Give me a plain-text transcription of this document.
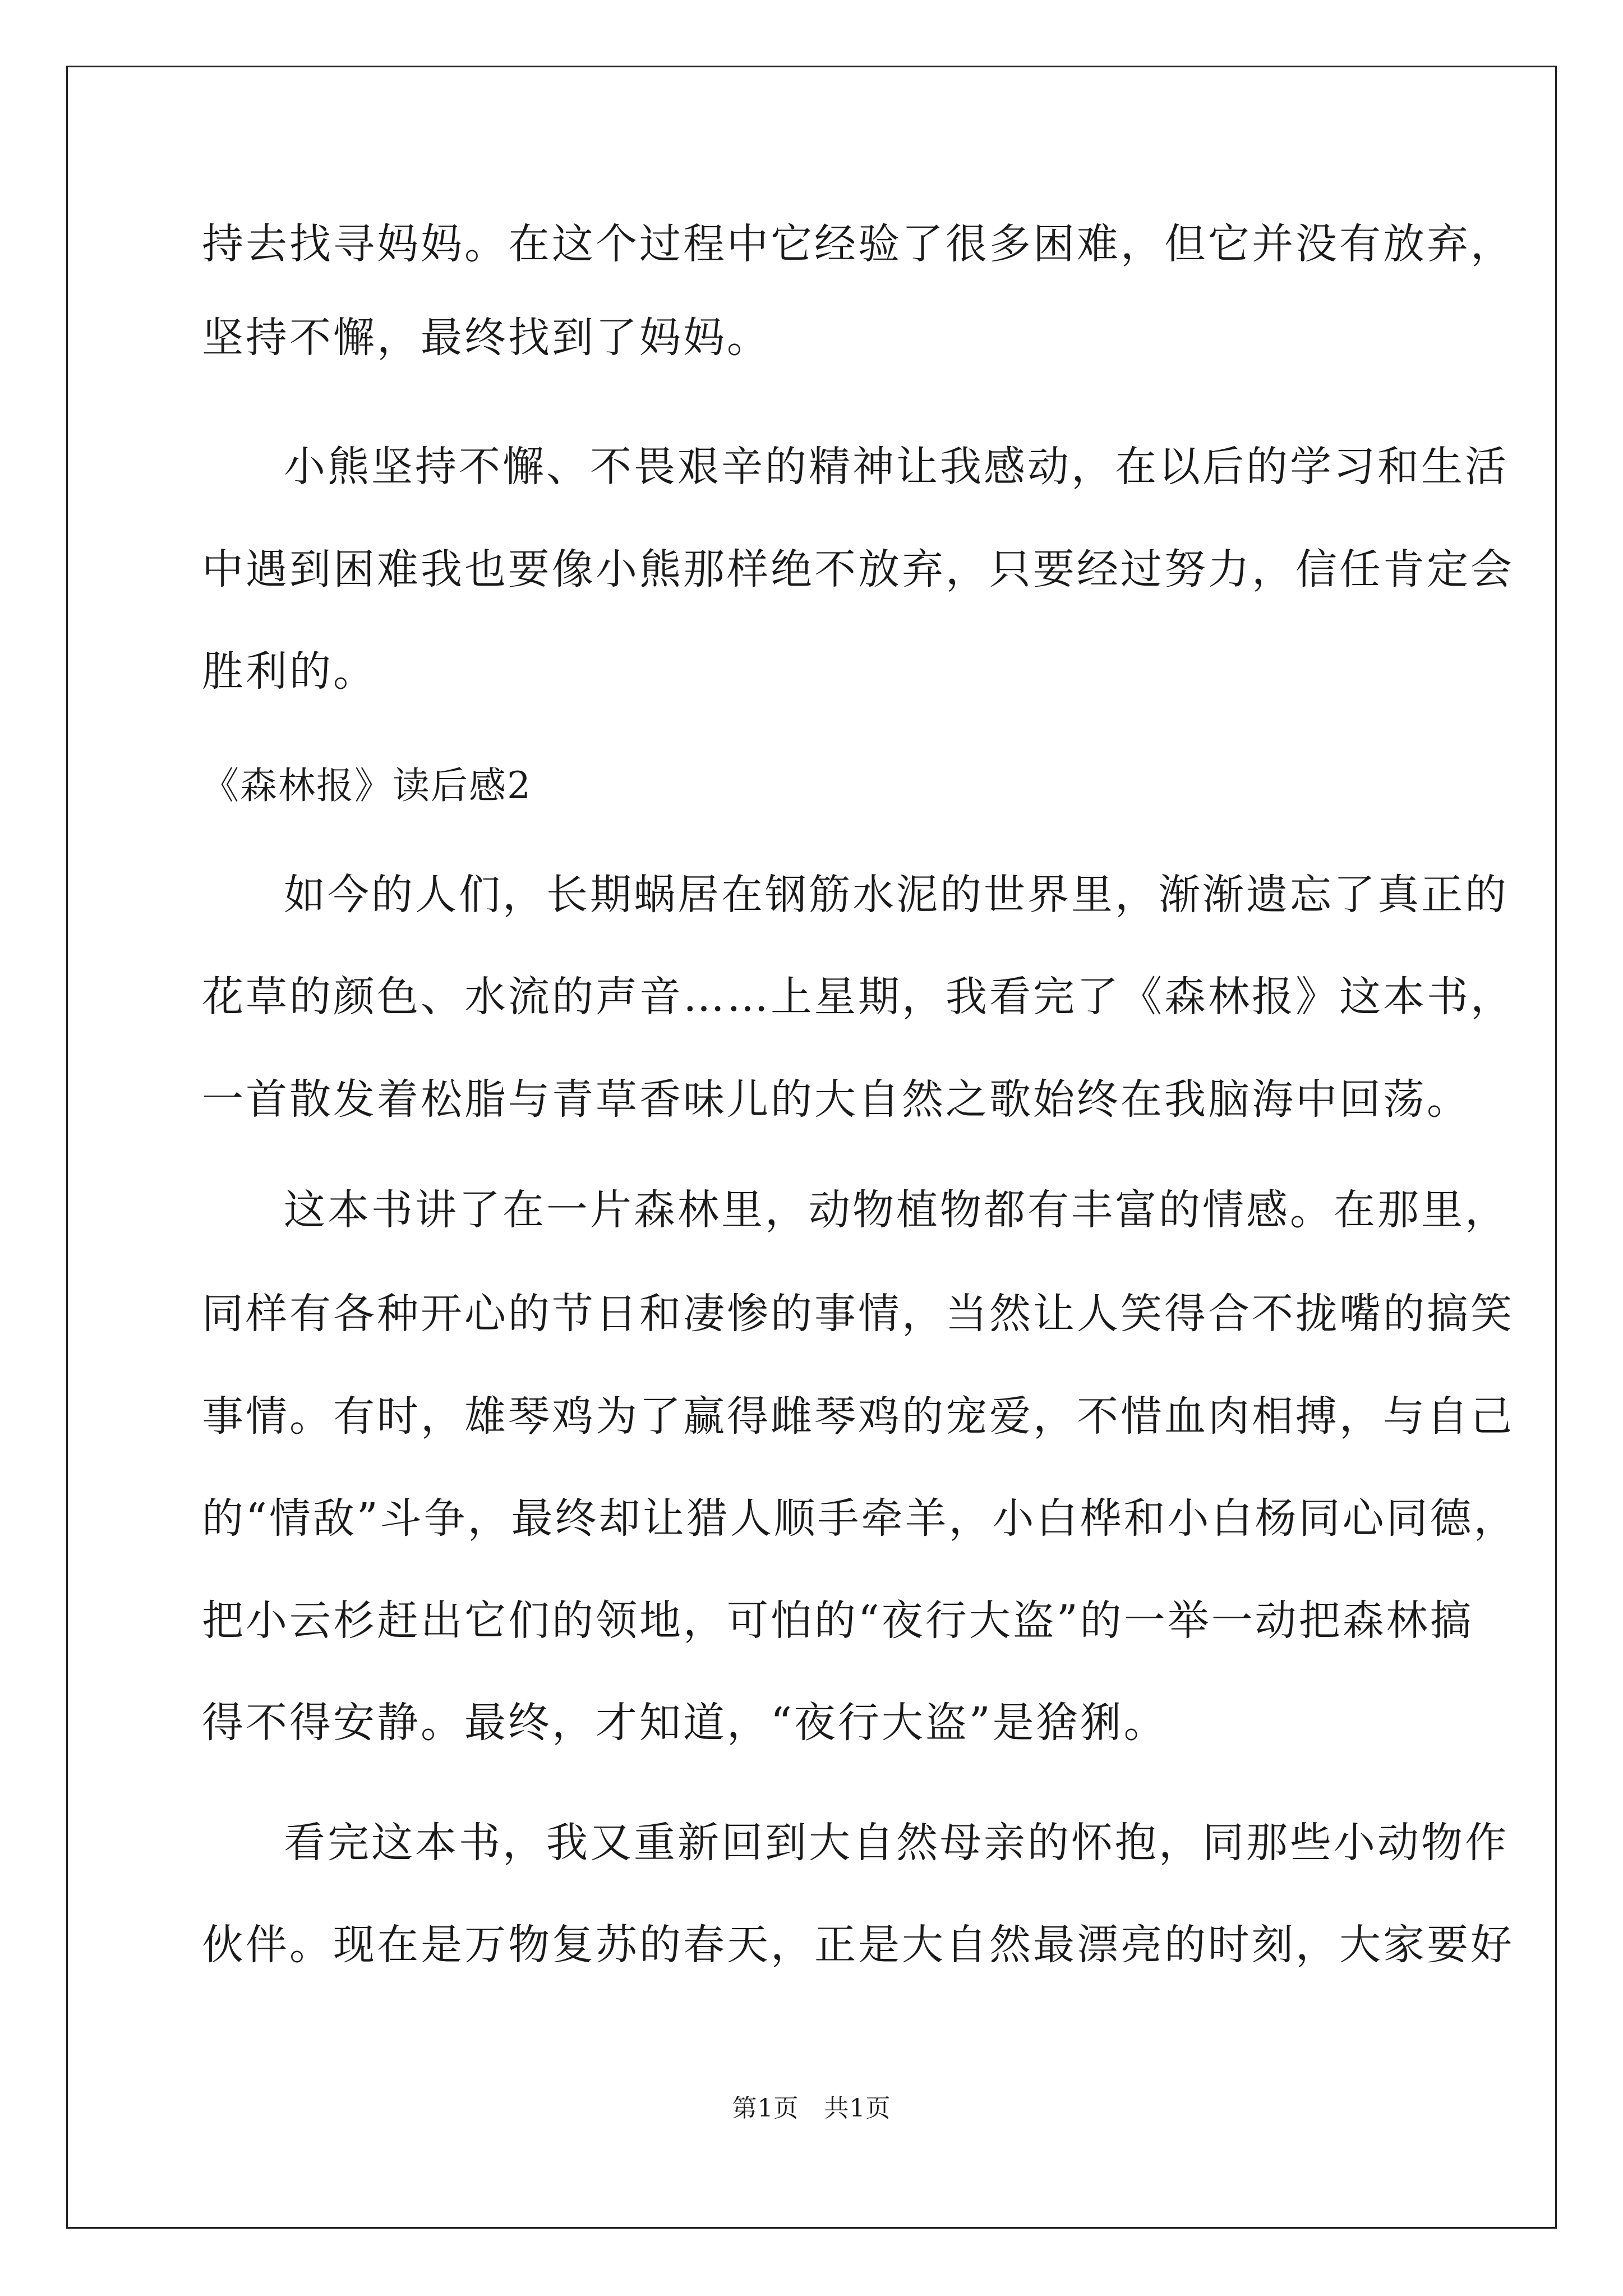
持去找寻妈妈。在这个过程中它经验了很多困难，但它并没有放弃，

坚持不懈，最终找到了妈妈。

小熊坚持不懈、不畏艰辛的精神让我感动，在以后的学习和生活

中遇到困难我也要像小熊那样绝不放弃，只要经过努力，信任肯定会

胜利的。

《森林报》读后感2

如今的人们，长期蜗居在钢筋水泥的世界里，渐渐遗忘了真正的

花草的颜色、水流的声音……上星期，我看完了《森林报》这本书，

一首散发着松脂与青草香味儿的大自然之歌始终在我脑海中回荡。

这本书讲了在一片森林里，动物植物都有丰富的情感。在那里，

同样有各种开心的节日和凄惨的事情，当然让人笑得合不拢嘴的搞笑

事情。有时，雄琴鸡为了赢得雌琴鸡的宠爱，不惜血肉相搏，与自己

的“情敌”斗争，最终却让猎人顺手牵羊，小白桦和小白杨同心同德，

把小云杉赶出它们的领地，可怕的“夜行大盗”的一举一动把森林搞

得不得安静。最终，才知道，“夜行大盗”是猞猁。

看完这本书，我又重新回到大自然母亲的怀抱，同那些小动物作

伙伴。现在是万物复苏的春天，正是大自然最漂亮的时刻，大家要好

第1页　共1页
